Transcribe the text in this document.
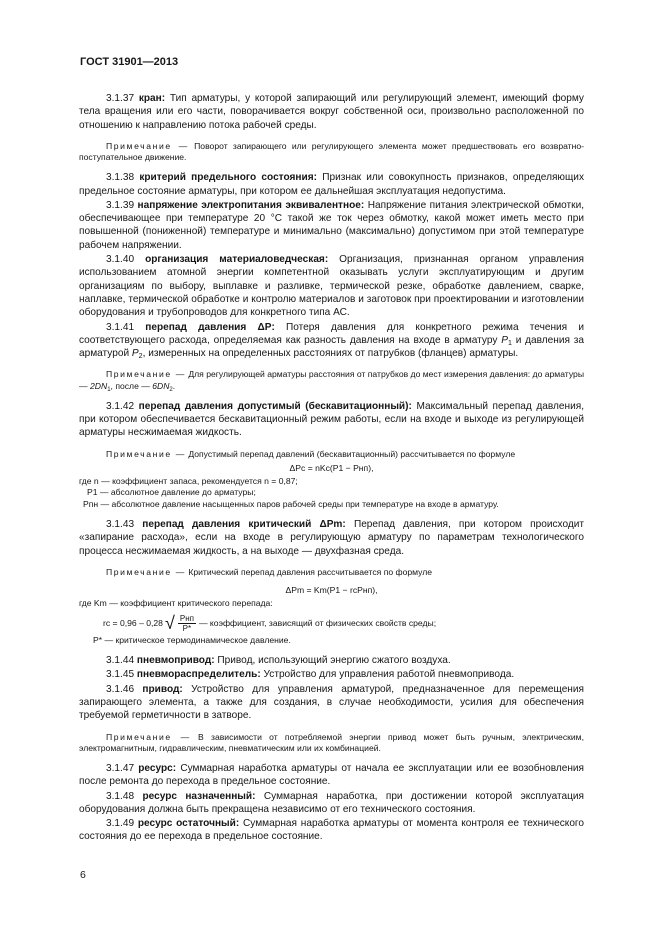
ГОСТ 31901—2013

3.1.37 кран: Тип арматуры, у которой запирающий или регулирующий элемент, имеющий форму тела вращения или его части, поворачивается вокруг собственной оси, произвольно расположенной по отношению к направлению потока рабочей среды.

Примечание — Поворот запирающего или регулирующего элемента может предшествовать его возвратно-поступательное движение.

3.1.38 критерий предельного состояния: Признак или совокупность признаков, определяющих предельное состояние арматуры, при котором ее дальнейшая эксплуатация недопустима.

3.1.39 напряжение электропитания эквивалентное: Напряжение питания электрической обмотки, обеспечивающее при температуре 20 °С такой же ток через обмотку, какой может иметь место при повышенной (пониженной) температуре и минимально (максимально) допустимом при этой температуре рабочем напряжении.

3.1.40 организация материаловедческая: Организация, признанная органом управления использованием атомной энергии компетентной оказывать услуги эксплуатирующим и другим организациям по выбору, выплавке и разливке, термической резке, обработке давлением, сварке, наплавке, термической обработке и контролю материалов и заготовок при проектировании и изготовлении оборудования и трубопроводов для конкретного типа АС.

3.1.41 перепад давления ΔP: Потеря давления для конкретного режима течения и соответствующего расхода, определяемая как разность давления на входе в арматуру $P_1$ и давления за арматурой $P_2$, измеренных на определенных расстояниях от патрубков (фланцев) арматуры.

Примечание — Для регулирующей арматуры расстояния от патрубков до мест измерения давления: до арматуры — $2DN_1$, после — $6DN_2$.

3.1.42 перепад давления допустимый (бескавитационный): Максимальный перепад давления, при котором обеспечивается бескавитационный режим работы, если на входе и выходе из регулирующей арматуры несжимаемая жидкость.

Примечание — Допустимый перепад давлений (бескавитационный) рассчитывается по формуле

ΔPc = nKc(P1 − Pнп),
где n — коэффициент запаса, рекомендуется n = 0,87;
P1 — абсолютное давление до арматуры;
Pпн — абсолютное давление насыщенных паров рабочей среды при температуре на входе в арматуру.

3.1.43 перепад давления критический ΔPm: Перепад давления, при котором происходит «запирание расхода», если на входе в регулирующую арматуру по параметрам технологического процесса несжимаемая жидкость, а на выходе — двухфазная среда.

Примечание — Критический перепад давления рассчитывается по формуле

ΔPm = Km(P1 − rcPнп),
где Km — коэффициент критического перепада:
rc = 0,96 – 0,28 √ $\frac{\text{Pнп}}{P*}$ — коэффициент, зависящий от физических свойств среды;
P* — критическое термодинамическое давление.

3.1.44 пневмопривод: Привод, использующий энергию сжатого воздуха.

3.1.45 пневмораспределитель: Устройство для управления работой пневмопривода.

3.1.46 привод: Устройство для управления арматурой, предназначенное для перемещения запирающего элемента, а также для создания, в случае необходимости, усилия для обеспечения требуемой герметичности в затворе.

Примечание — В зависимости от потребляемой энергии привод может быть ручным, электрическим, электромагнитным, гидравлическим, пневматическим или их комбинацией.

3.1.47 ресурс: Суммарная наработка арматуры от начала ее эксплуатации или ее возобновления после ремонта до перехода в предельное состояние.

3.1.48 ресурс назначенный: Суммарная наработка, при достижении которой эксплуатация оборудования должна быть прекращена независимо от его технического состояния.

3.1.49 ресурс остаточный: Суммарная наработка арматуры от момента контроля ее технического состояния до ее перехода в предельное состояние.

6
